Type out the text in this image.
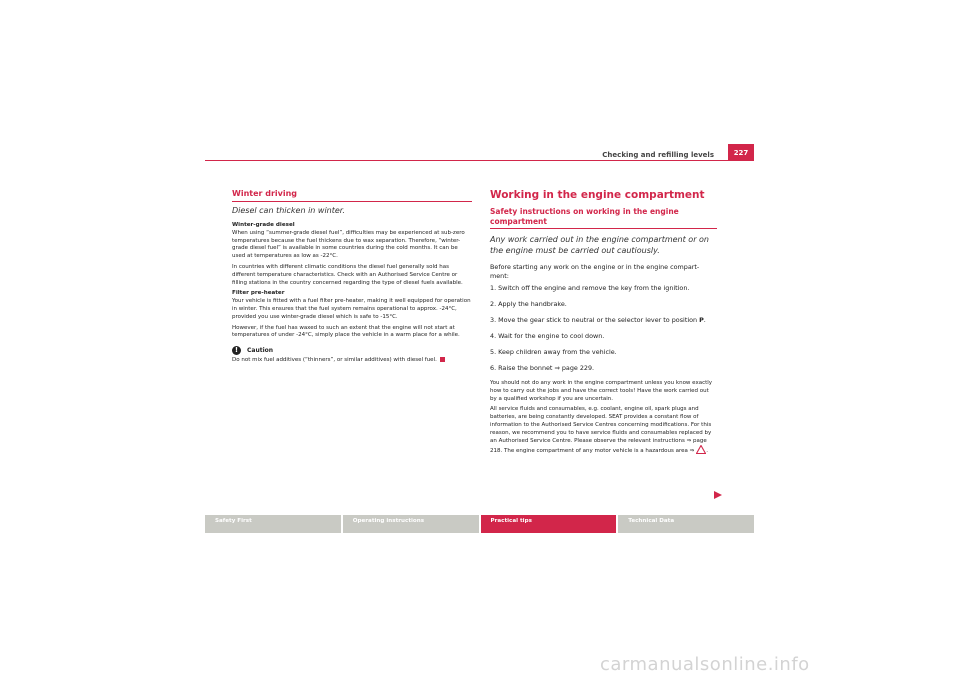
Checking and refilling levels	227
Winter driving
Diesel can thicken in winter.
Winter-grade diesel

When using “summer-grade diesel fuel”, difficulties may be experienced at sub-zero temperatures because the fuel thickens due to wax separation. Therefore, “winter-grade diesel fuel” is available in some countries during the cold months. It can be used at temperatures as low as -22°C.

In countries with different climatic conditions the diesel fuel generally sold has different temperature characteristics. Check with an Authorised Service Centre or filling stations in the country concerned regarding the type of diesel fuels available.

Filter pre-heater

Your vehicle is fitted with a fuel filter pre-heater, making it well equipped for operation in winter. This ensures that the fuel system remains operational to approx. -24°C, provided you use winter-grade diesel which is safe to -15°C.

However, if the fuel has waxed to such an extent that the engine will not start at temperatures of under -24°C, simply place the vehicle in a warm place for a while.

!	Caution

Do not mix fuel additives (“thinners”, or similar additives) with diesel fuel.

Working in the engine compartment
Safety instructions on working in the engine compartment
Any work carried out in the engine compartment or on the engine must be carried out cautiously.

Before starting any work on the engine or in the engine compart-ment:

1. Switch off the engine and remove the key from the ignition.
2. Apply the handbrake.
3. Move the gear stick to neutral or the selector lever to position P.
4. Wait for the engine to cool down.
5. Keep children away from the vehicle.
6. Raise the bonnet ⇒ page 229.

You should not do any work in the engine compartment unless you know exactly how to carry out the jobs and have the correct tools! Have the work carried out by a qualified workshop if you are uncertain.

All service fluids and consumables, e.g. coolant, engine oil, spark plugs and batteries, are being constantly developed. SEAT provides a constant flow of information to the Authorised Service Centres concerning modifications. For this reason, we recommend you to have service fluids and consumables replaced by an Authorised Service Centre. Please observe the relevant instructions ⇒ page 218. The engine compartment of any motor vehicle is a hazardous area ⇒ .

Safety First	Operating instructions	Practical tips	Technical Data
carmanualsonline.info
